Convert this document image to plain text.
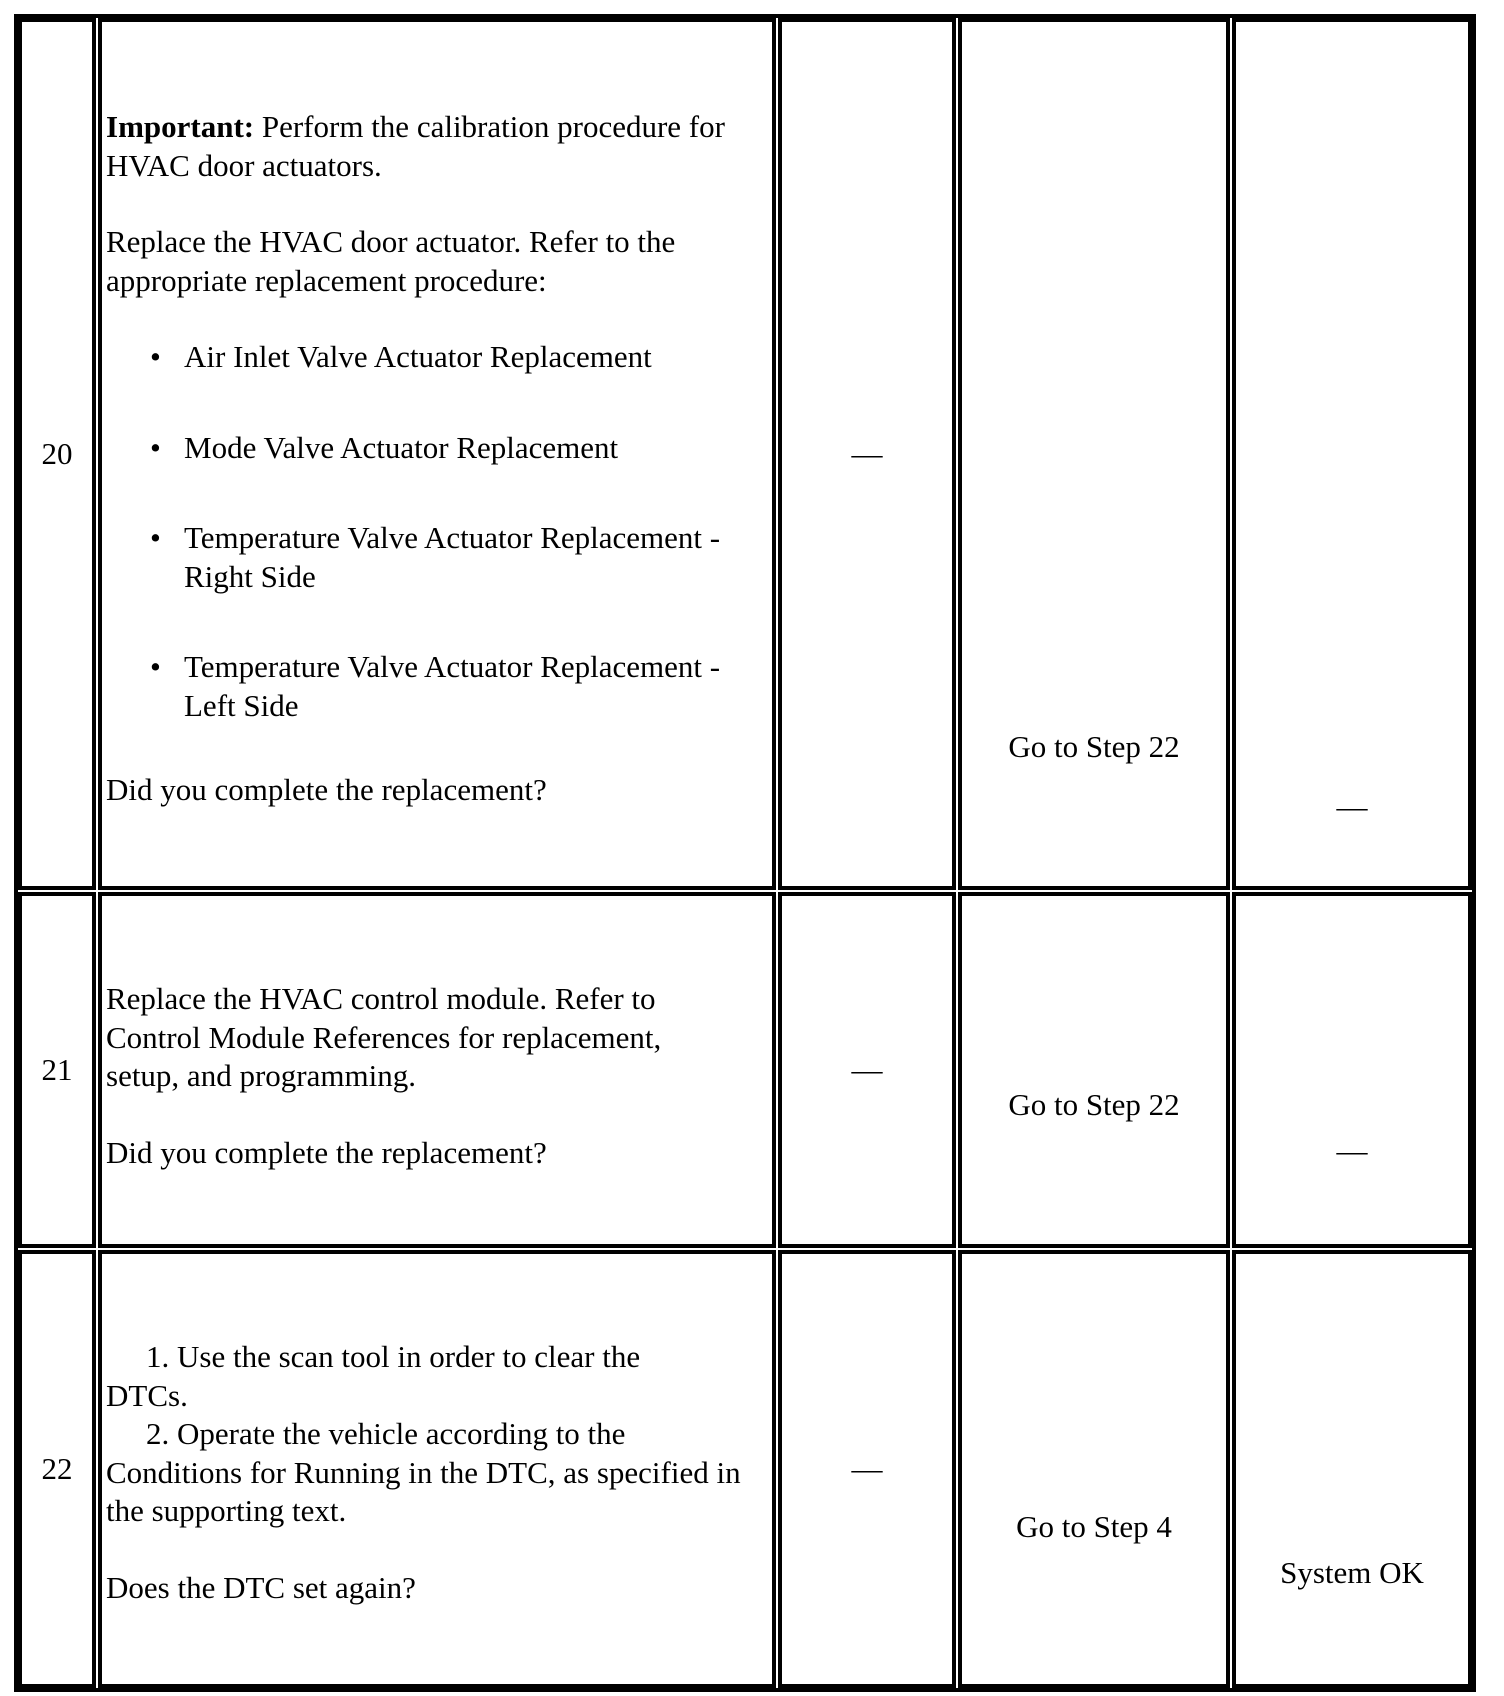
20

Important: Perform the calibration procedure for HVAC door actuators.

Replace the HVAC door actuator. Refer to the appropriate replacement procedure:

• Air Inlet Valve Actuator Replacement

• Mode Valve Actuator Replacement

• Temperature Valve Actuator Replacement - Right Side

• Temperature Valve Actuator Replacement - Left Side

Did you complete the replacement?

—
Go to Step 22
—
21

Replace the HVAC control module. Refer to Control Module References for replacement, setup, and programming.

Did you complete the replacement?

—
Go to Step 22
—
22

1. Use the scan tool in order to clear the DTCs.

2. Operate the vehicle according to the Conditions for Running in the DTC, as specified in the supporting text.

Does the DTC set again?

—
Go to Step 4
System OK
